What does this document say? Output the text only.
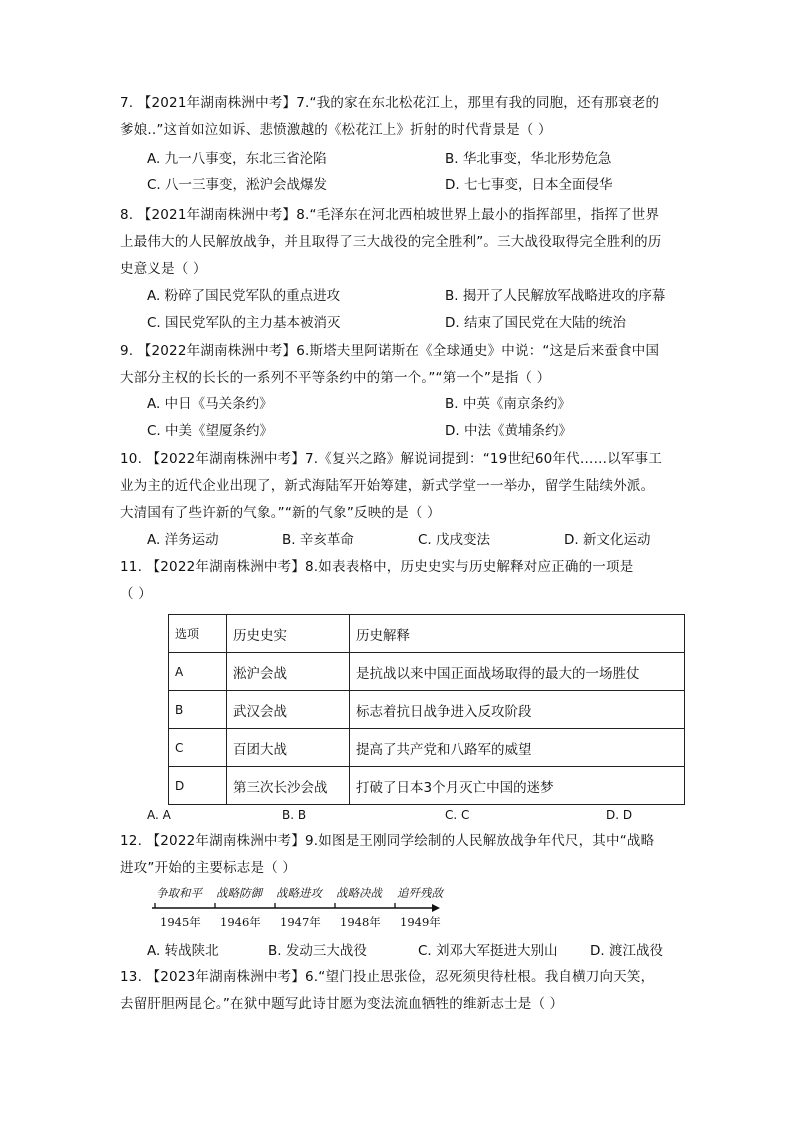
7. 【2021年湖南株洲中考】7.“我的家在东北松花江上，那里有我的同胞，还有那衰老的
爹娘..”这首如泣如诉、悲愤激越的《松花江上》折射的时代背景是（ ）
A. 九一八事变，东北三省沦陷	B. 华北事变，华北形势危急
C. 八一三事变，淞沪会战爆发	D. 七七事变，日本全面侵华
8. 【2021年湖南株洲中考】8.“毛泽东在河北西柏坡世界上最小的指挥部里，指挥了世界
上最伟大的人民解放战争，并且取得了三大战役的完全胜利”。三大战役取得完全胜利的历
史意义是（ ）
A. 粉碎了国民党军队的重点进攻	B. 揭开了人民解放军战略进攻的序幕
C. 国民党军队的主力基本被消灭	D. 结束了国民党在大陆的统治
9. 【2022年湖南株洲中考】6.斯塔夫里阿诺斯在《全球通史》中说：“这是后来蚕食中国
大部分主权的长长的一系列不平等条约中的第一个。”“第一个”是指（ ）
A. 中日《马关条约》	B. 中英《南京条约》
C. 中美《望厦条约》	D. 中法《黄埔条约》
10. 【2022年湖南株洲中考】7.《复兴之路》解说词提到：“19世纪60年代……以军事工
业为主的近代企业出现了，新式海陆军开始筹建，新式学堂一一举办，留学生陆续外派。
大清国有了些许新的气象。”“新的气象”反映的是（ ）
A. 洋务运动	B. 辛亥革命	C. 戊戌变法	D. 新文化运动
11. 【2022年湖南株洲中考】8.如表表格中，历史史实与历史解释对应正确的一项是
（ ）
选项	历史史实	历史解释
A	淞沪会战	是抗战以来中国正面战场取得的最大的一场胜仗
B	武汉会战	标志着抗日战争进入反攻阶段
C	百团大战	提高了共产党和八路军的威望
D	第三次长沙会战	打破了日本3个月灭亡中国的迷梦
A. A	B. B	C. C	D. D
12. 【2022年湖南株洲中考】9.如图是王刚同学绘制的人民解放战争年代尺，其中“战略
进攻”开始的主要标志是（ ）
争取和平 战略防御 战略进攻 战略决战 追歼残敌
1945年 1946年 1947年 1948年 1949年
A. 转战陕北	B. 发动三大战役	C. 刘邓大军挺进大别山 D. 渡江战役
13. 【2023年湖南株洲中考】6.“望门投止思张俭，忍死须臾待杜根。我自横刀向天笑，
去留肝胆两昆仑。”在狱中题写此诗甘愿为变法流血牺牲的维新志士是（ ）
